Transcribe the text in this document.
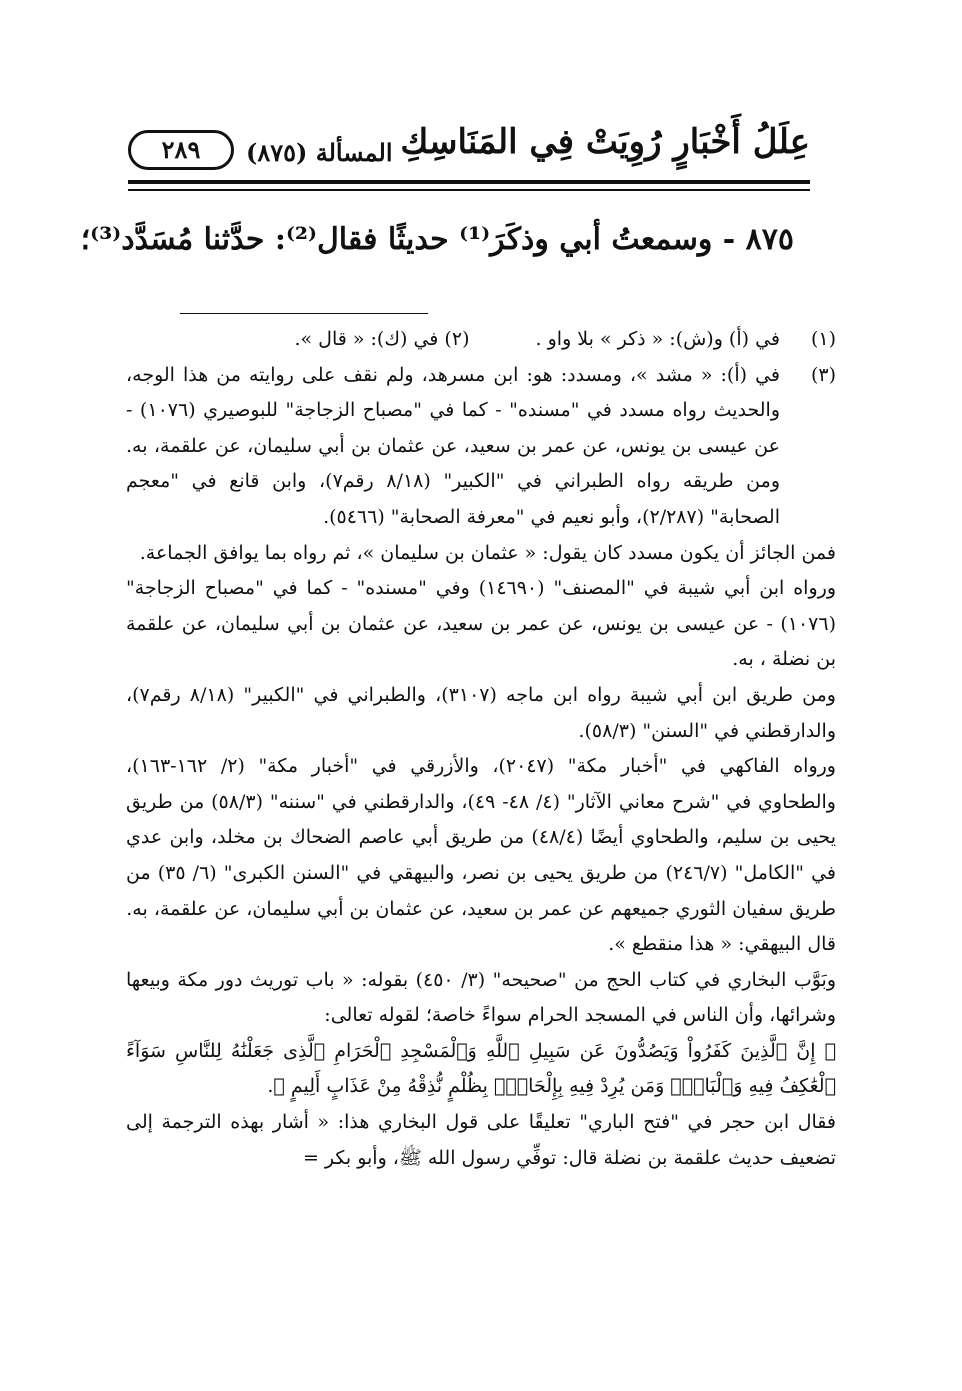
عِلَلُ أَخْبَارٍ رُوِيَتْ فِي المَنَاسِكِ
المسألة (٨٧٥)
٢٨٩
٨٧٥ - وسمعتُ أبي وذكَرَ⁽¹⁾ حديثًا فقال⁽²⁾: حدَّثنا مُسَدَّد⁽³⁾؛
(١)
في (أ) و(ش): « ذكر » بلا واو . (٢) في (ك): « قال ».
(٣)
في (أ): « مشد »، ومسدد: هو: ابن مسرهد، ولم نقف على روايته من هذا الوجه، والحديث رواه مسدد في "مسنده" - كما في "مصباح الزجاجة" للبوصيري (١٠٧٦) - عن عيسى بن يونس، عن عمر بن سعيد، عن عثمان بن أبي سليمان، عن علقمة، به. ومن طريقه رواه الطبراني في "الكبير" (٨/١٨ رقم٧)، وابن قانع في "معجم الصحابة" (٢/٢٨٧)، وأبو نعيم في "معرفة الصحابة" (٥٤٦٦).
فمن الجائز أن يكون مسدد كان يقول: « عثمان بن سليمان »، ثم رواه بما يوافق الجماعة.
ورواه ابن أبي شيبة في "المصنف" (١٤٦٩٠) وفي "مسنده" - كما في "مصباح الزجاجة" (١٠٧٦) - عن عيسى بن يونس، عن عمر بن سعيد، عن عثمان بن أبي سليمان، عن علقمة بن نضلة ، به.
ومن طريق ابن أبي شيبة رواه ابن ماجه (٣١٠٧)، والطبراني في "الكبير" (٨/١٨ رقم٧)، والدارقطني في "السنن" (٥٨/٣).
ورواه الفاكهي في "أخبار مكة" (٢٠٤٧)، والأزرقي في "أخبار مكة" (٢/ ١٦٢-١٦٣)، والطحاوي في "شرح معاني الآثار" (٤/ ٤٨- ٤٩)، والدارقطني في "سننه" (٥٨/٣) من طريق يحيى بن سليم، والطحاوي أيضًا (٤٨/٤) من طريق أبي عاصم الضحاك بن مخلد، وابن عدي في "الكامل" (٢٤٦/٧) من طريق يحيى بن نصر، والبيهقي في "السنن الكبرى" (٦/ ٣٥) من طريق سفيان الثوري جميعهم عن عمر بن سعيد، عن عثمان بن أبي سليمان، عن علقمة، به.
قال البيهقي: « هذا منقطع ».
وبَوَّب البخاري في كتاب الحج من "صحيحه" (٣/ ٤٥٠) بقوله: « باب توريث دور مكة وبيعها وشرائها، وأن الناس في المسجد الحرام سواءً خاصة؛ لقوله تعالى:
﴿ إِنَّ ٱلَّذِينَ كَفَرُواْ وَيَصُدُّونَ عَن سَبِيلِ ٱللَّهِ وَٱلْمَسْجِدِ ٱلْحَرَامِ ٱلَّذِى جَعَلْنَٰهُ لِلنَّاسِ سَوَآءً ٱلْعَٰكِفُ فِيهِ وَٱلْبَادِۚ وَمَن يُرِدْ فِيهِ بِإِلْحَادٍۭ بِظُلْمٍ نُّذِقْهُ مِنْ عَذَابٍ أَلِيمٍ ﴾.
فقال ابن حجر في "فتح الباري" تعليقًا على قول البخاري هذا: « أشار بهذه الترجمة إلى تضعيف حديث علقمة بن نضلة قال: توفِّي رسول الله ﷺ، وأبو بكر =
